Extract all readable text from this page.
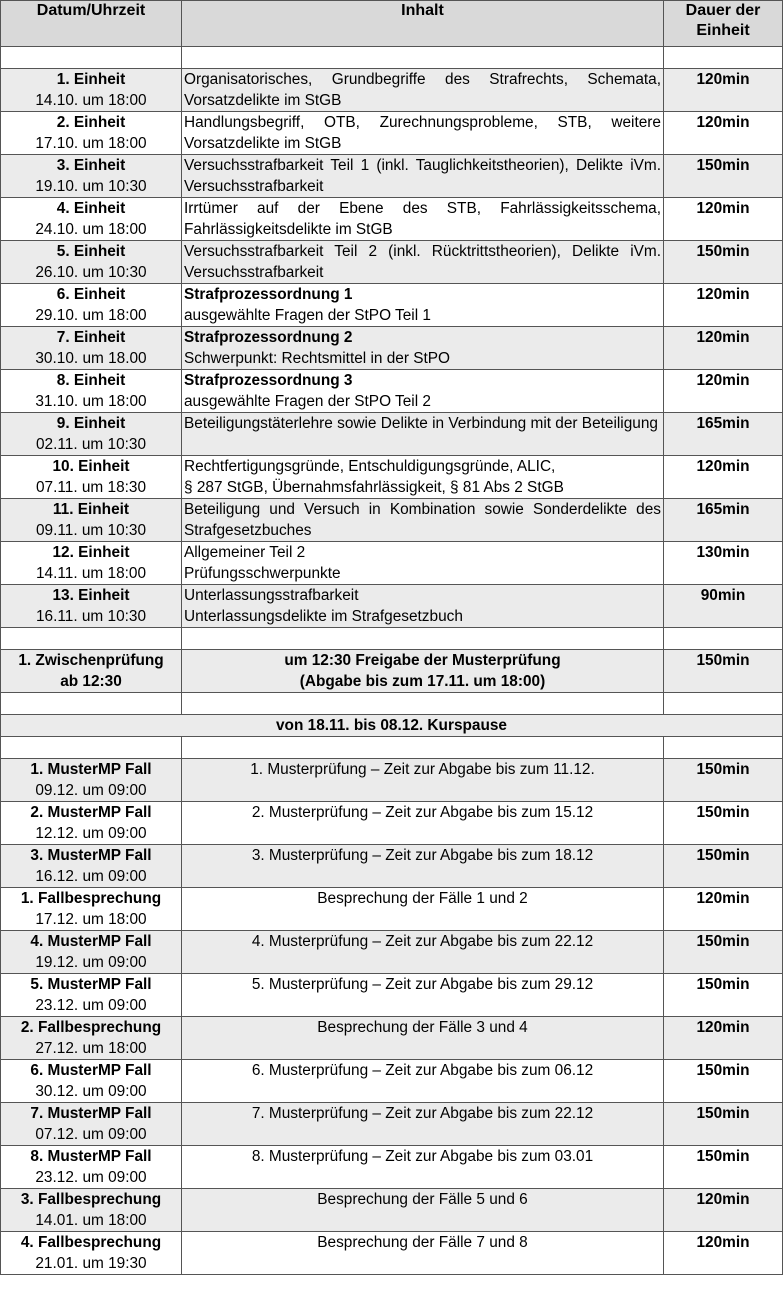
Datum/Uhrzeit	Inhalt	Dauer der Einheit

1. Einheit
14.10. um 18:00	Organisatorisches, Grundbegriffe des Strafrechts, Schemata, Vorsatzdelikte im StGB	120min

2. Einheit
17.10. um 18:00	Handlungsbegriff, OTB, Zurechnungsprobleme, STB, weitere Vorsatzdelikte im StGB	120min

3. Einheit
19.10. um 10:30	Versuchsstrafbarkeit Teil 1 (inkl. Tauglichkeitstheorien), Delikte iVm. Versuchsstrafbarkeit	150min

4. Einheit
24.10. um 18:00	Irrtümer auf der Ebene des STB, Fahrlässigkeitsschema, Fahrlässigkeitsdelikte im StGB	120min

5. Einheit
26.10. um 10:30	Versuchsstrafbarkeit Teil 2 (inkl. Rücktrittstheorien), Delikte iVm. Versuchsstrafbarkeit	150min

6. Einheit
29.10. um 18:00	Strafprozessordnung 1
ausgewählte Fragen der StPO Teil 1	120min

7. Einheit
30.10. um 18.00	Strafprozessordnung 2
Schwerpunkt: Rechtsmittel in der StPO	120min

8. Einheit
31.10. um 18:00	Strafprozessordnung 3
ausgewählte Fragen der StPO Teil 2	120min

9. Einheit
02.11. um 10:30	Beteiligungstäterlehre sowie Delikte in Verbindung mit der Beteiligung	165min

10. Einheit
07.11. um 18:30	Rechtfertigungsgründe, Entschuldigungsgründe, ALIC,
§ 287 StGB, Übernahmsfahrlässigkeit, § 81 Abs 2 StGB	120min

11. Einheit
09.11. um 10:30	Beteiligung und Versuch in Kombination sowie Sonderdelikte des Strafgesetzbuches	165min

12. Einheit
14.11. um 18:00	Allgemeiner Teil 2
Prüfungsschwerpunkte	130min

13. Einheit
16.11. um 10:30	Unterlassungsstrafbarkeit
Unterlassungsdelikte im Strafgesetzbuch	90min

1. Zwischenprüfung
ab 12:30	um 12:30 Freigabe der Musterprüfung
(Abgabe bis zum 17.11. um 18:00)	150min

von 18.11. bis 08.12. Kurspause		

1. MusterMP Fall
09.12. um 09:00	1. Musterprüfung – Zeit zur Abgabe bis zum 11.12.	150min

2. MusterMP Fall
12.12. um 09:00	2. Musterprüfung – Zeit zur Abgabe bis zum 15.12	150min

3. MusterMP Fall
16.12. um 09:00	3. Musterprüfung – Zeit zur Abgabe bis zum 18.12	150min

1. Fallbesprechung
17.12. um 18:00	Besprechung der Fälle 1 und 2	120min

4. MusterMP Fall
19.12. um 09:00	4. Musterprüfung – Zeit zur Abgabe bis zum 22.12	150min

5. MusterMP Fall
23.12. um 09:00	5. Musterprüfung – Zeit zur Abgabe bis zum 29.12	150min

2. Fallbesprechung
27.12. um 18:00	Besprechung der Fälle 3 und 4	120min

6. MusterMP Fall
30.12. um 09:00	6. Musterprüfung – Zeit zur Abgabe bis zum 06.12	150min

7. MusterMP Fall
07.12. um 09:00	7. Musterprüfung – Zeit zur Abgabe bis zum 22.12	150min

8. MusterMP Fall
23.12. um 09:00	8. Musterprüfung – Zeit zur Abgabe bis zum 03.01	150min

3. Fallbesprechung
14.01. um 18:00	Besprechung der Fälle 5 und 6	120min

4. Fallbesprechung
21.01. um 19:30	Besprechung der Fälle 7 und 8	120min
